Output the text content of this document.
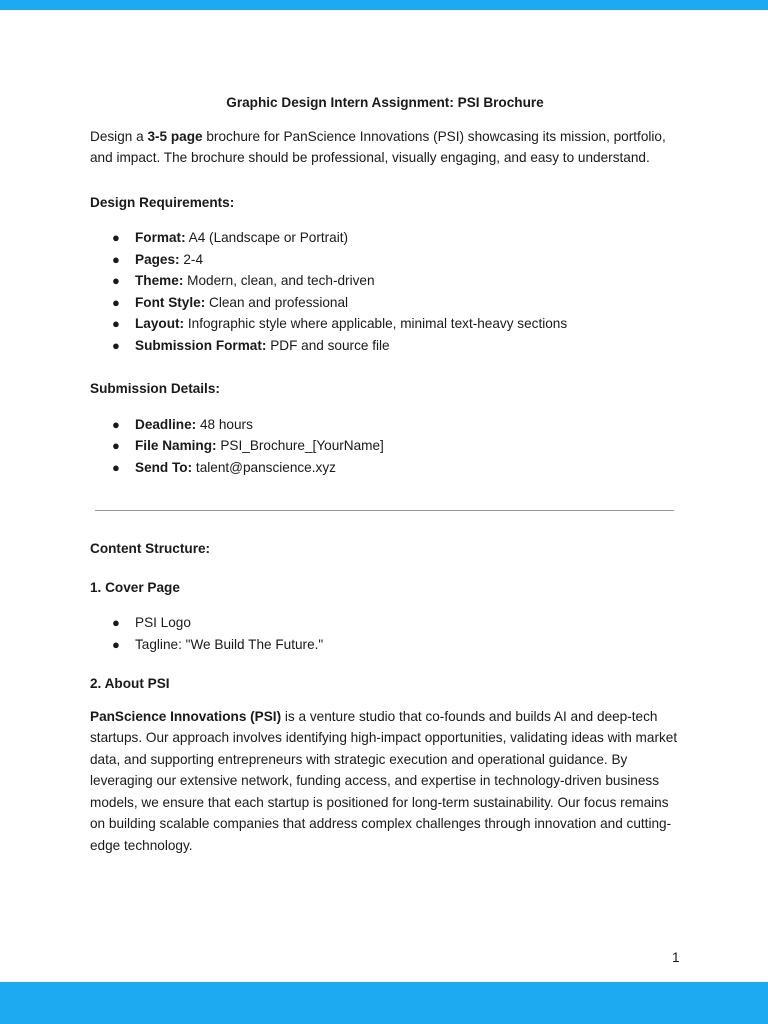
Graphic Design Intern Assignment: PSI Brochure

Design a 3-5 page brochure for PanScience Innovations (PSI) showcasing its mission, portfolio, and impact. The brochure should be professional, visually engaging, and easy to understand.

Design Requirements:

● Format: A4 (Landscape or Portrait)
● Pages: 2-4
● Theme: Modern, clean, and tech-driven
● Font Style: Clean and professional
● Layout: Infographic style where applicable, minimal text-heavy sections
● Submission Format: PDF and source file

Submission Details:

● Deadline: 48 hours
● File Naming: PSI_Brochure_[YourName]
● Send To: talent@panscience.xyz

Content Structure:

1. Cover Page

● PSI Logo
● Tagline: "We Build The Future."

2. About PSI

PanScience Innovations (PSI) is a venture studio that co-founds and builds AI and deep-tech startups. Our approach involves identifying high-impact opportunities, validating ideas with market data, and supporting entrepreneurs with strategic execution and operational guidance. By leveraging our extensive network, funding access, and expertise in technology-driven business models, we ensure that each startup is positioned for long-term sustainability. Our focus remains on building scalable companies that address complex challenges through innovation and cutting-edge technology.

1
